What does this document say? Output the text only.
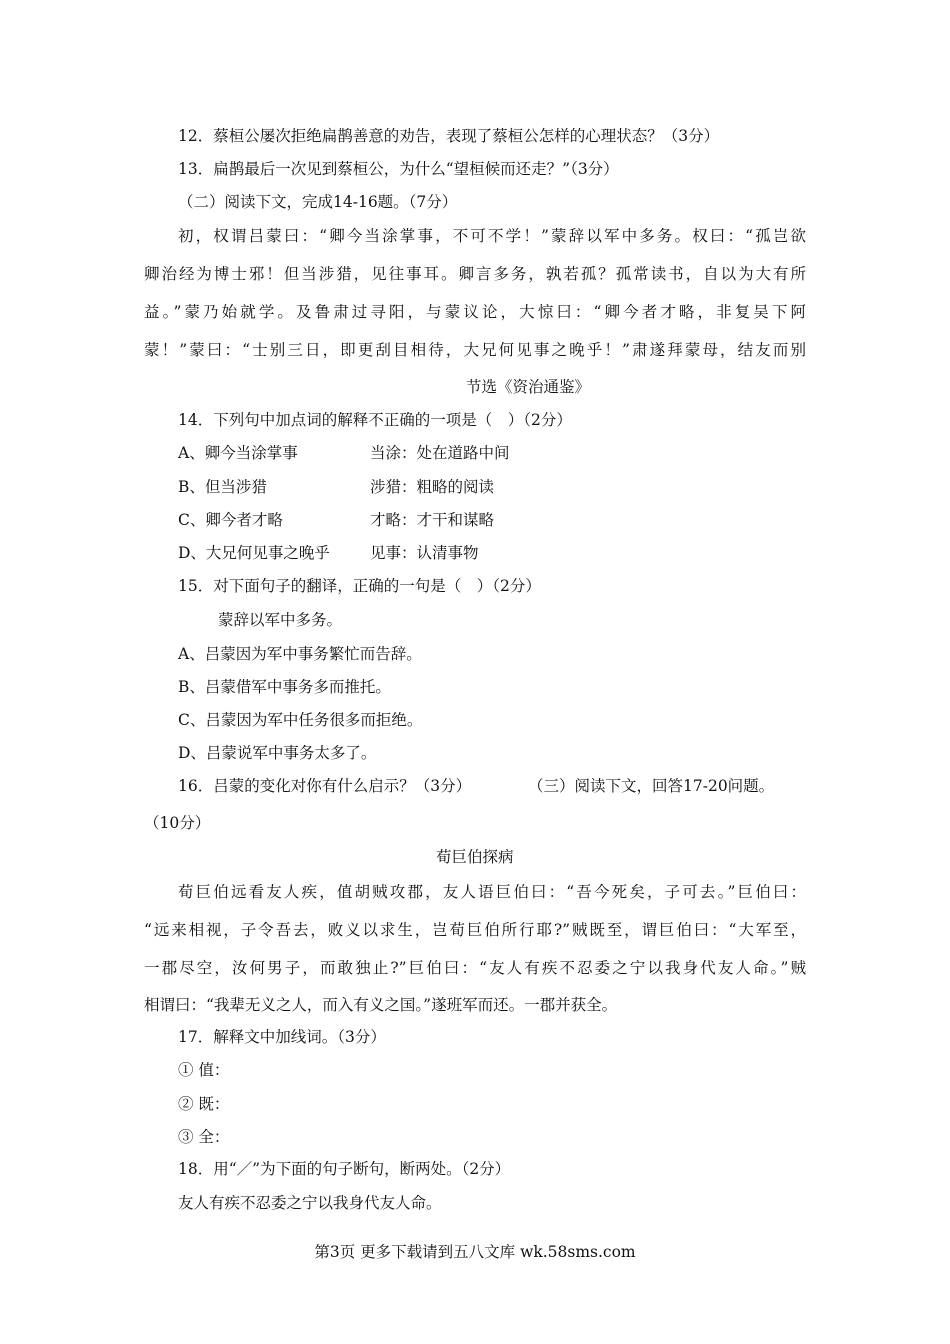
12．蔡桓公屡次拒绝扁鹊善意的劝告，表现了蔡桓公怎样的心理状态？（3分）
13．扁鹊最后一次见到蔡桓公，为什么“望桓候而还走？”（3分）
（二）阅读下文，完成14-16题。（7分）
初，权谓吕蒙曰：“卿今当涂掌事，不可不学！”蒙辞以军中多务。权曰：“孤岂欲
卿治经为博士邪！但当涉猎，见往事耳。卿言多务，孰若孤？孤常读书，自以为大有所
益。”蒙乃始就学。及鲁肃过寻阳，与蒙议论，大惊曰：“卿今者才略，非复吴下阿
蒙！”蒙曰：“士别三日，即更刮目相待，大兄何见事之晚乎！”肃遂拜蒙母，结友而别
节选《资治通鉴》
14．下列句中加点词的解释不正确的一项是（　）（2分）
A、卿今当涂掌事	当涂：处在道路中间
B、但当涉猎	涉猎：粗略的阅读
C、卿今者才略	才略：才干和谋略
D、大兄何见事之晚乎	见事：认清事物
15．对下面句子的翻译，正确的一句是（　）（2分）
蒙辞以军中多务。
A、吕蒙因为军中事务繁忙而告辞。
B、吕蒙借军中事务多而推托。
C、吕蒙因为军中任务很多而拒绝。
D、吕蒙说军中事务太多了。
16．吕蒙的变化对你有什么启示？（3分）	（三）阅读下文，回答17-20问题。
（10分）
荀巨伯探病
荀巨伯远看友人疾，值胡贼攻郡，友人语巨伯曰：“吾今死矣，子可去。”巨伯曰：
“远来相视，子令吾去，败义以求生，岂荀巨伯所行耶?”贼既至，谓巨伯曰：“大军至，
一郡尽空，汝何男子，而敢独止?”巨伯曰：“友人有疾不忍委之宁以我身代友人命。”贼
相谓曰：“我辈无义之人，而入有义之国。”遂班军而还。一郡并获全。
17．解释文中加线词。（3分）
① 值：
② 既：
③ 全：
18．用“／”为下面的句子断句，断两处。（2分）
友人有疾不忍委之宁以我身代友人命。
第3页 更多下载请到五八文库 wk.58sms.com
